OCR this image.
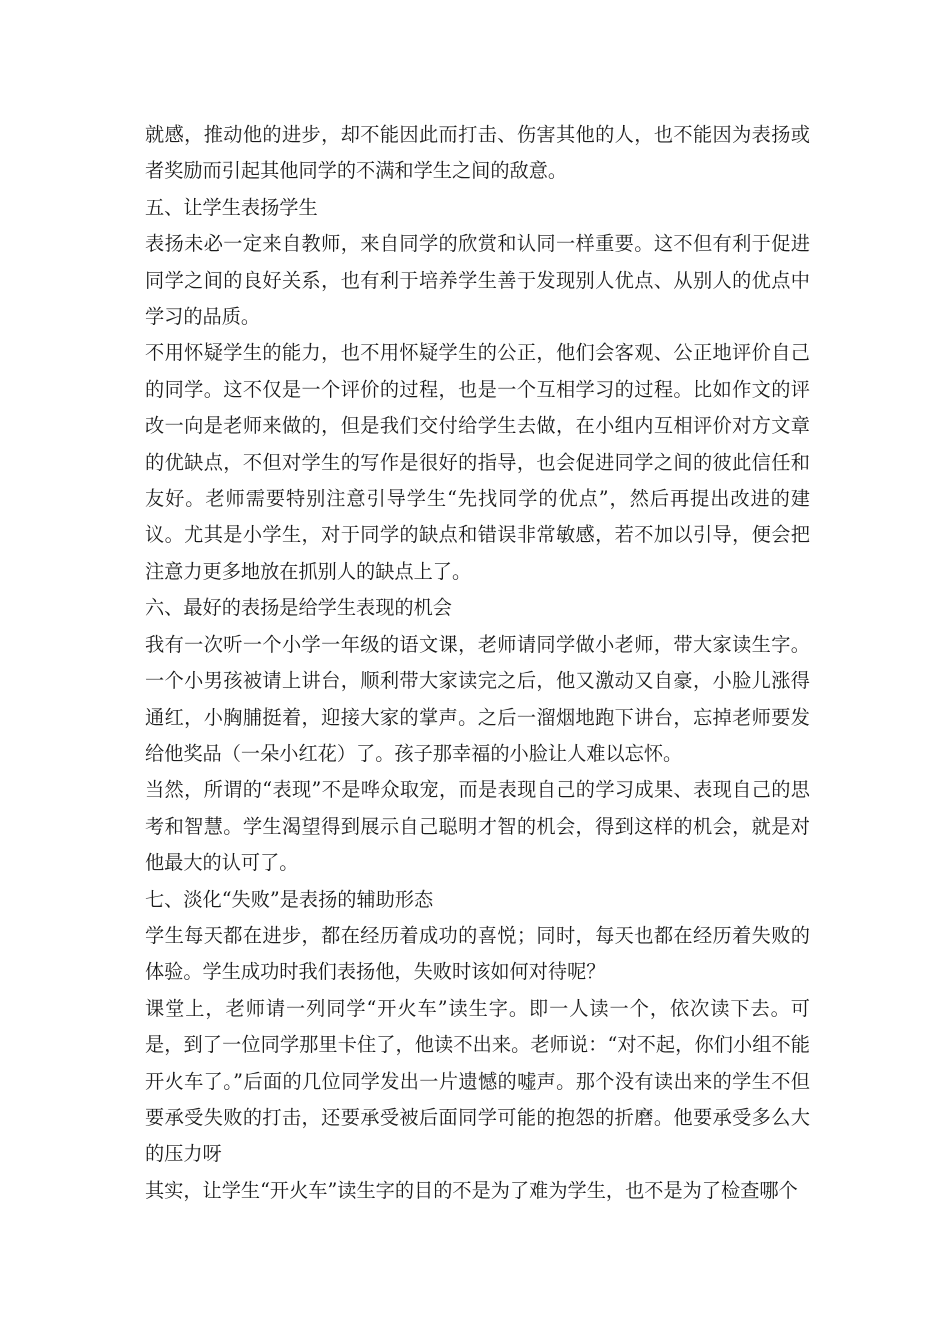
就感，推动他的进步，却不能因此而打击、伤害其他的人，也不能因为表扬或者奖励而引起其他同学的不满和学生之间的敌意。

五、让学生表扬学生

表扬未必一定来自教师，来自同学的欣赏和认同一样重要。这不但有利于促进同学之间的良好关系，也有利于培养学生善于发现别人优点、从别人的优点中学习的品质。

不用怀疑学生的能力，也不用怀疑学生的公正，他们会客观、公正地评价自己的同学。这不仅是一个评价的过程，也是一个互相学习的过程。比如作文的评改一向是老师来做的，但是我们交付给学生去做，在小组内互相评价对方文章的优缺点，不但对学生的写作是很好的指导，也会促进同学之间的彼此信任和友好。老师需要特别注意引导学生“先找同学的优点”，然后再提出改进的建议。尤其是小学生，对于同学的缺点和错误非常敏感，若不加以引导，便会把注意力更多地放在抓别人的缺点上了。

六、最好的表扬是给学生表现的机会

我有一次听一个小学一年级的语文课，老师请同学做小老师，带大家读生字。一个小男孩被请上讲台，顺利带大家读完之后，他又激动又自豪，小脸儿涨得通红，小胸脯挺着，迎接大家的掌声。之后一溜烟地跑下讲台，忘掉老师要发给他奖品（一朵小红花）了。孩子那幸福的小脸让人难以忘怀。

当然，所谓的“表现”不是哗众取宠，而是表现自己的学习成果、表现自己的思考和智慧。学生渴望得到展示自己聪明才智的机会，得到这样的机会，就是对他最大的认可了。

七、淡化“失败”是表扬的辅助形态

学生每天都在进步，都在经历着成功的喜悦；同时，每天也都在经历着失败的体验。学生成功时我们表扬他，失败时该如何对待呢？

课堂上，老师请一列同学“开火车”读生字。即一人读一个，依次读下去。可是，到了一位同学那里卡住了，他读不出来。老师说：“对不起，你们小组不能开火车了。”后面的几位同学发出一片遗憾的嘘声。那个没有读出来的学生不但要承受失败的打击，还要承受被后面同学可能的抱怨的折磨。他要承受多么大的压力呀

其实，让学生“开火车”读生字的目的不是为了难为学生，也不是为了检查哪个
